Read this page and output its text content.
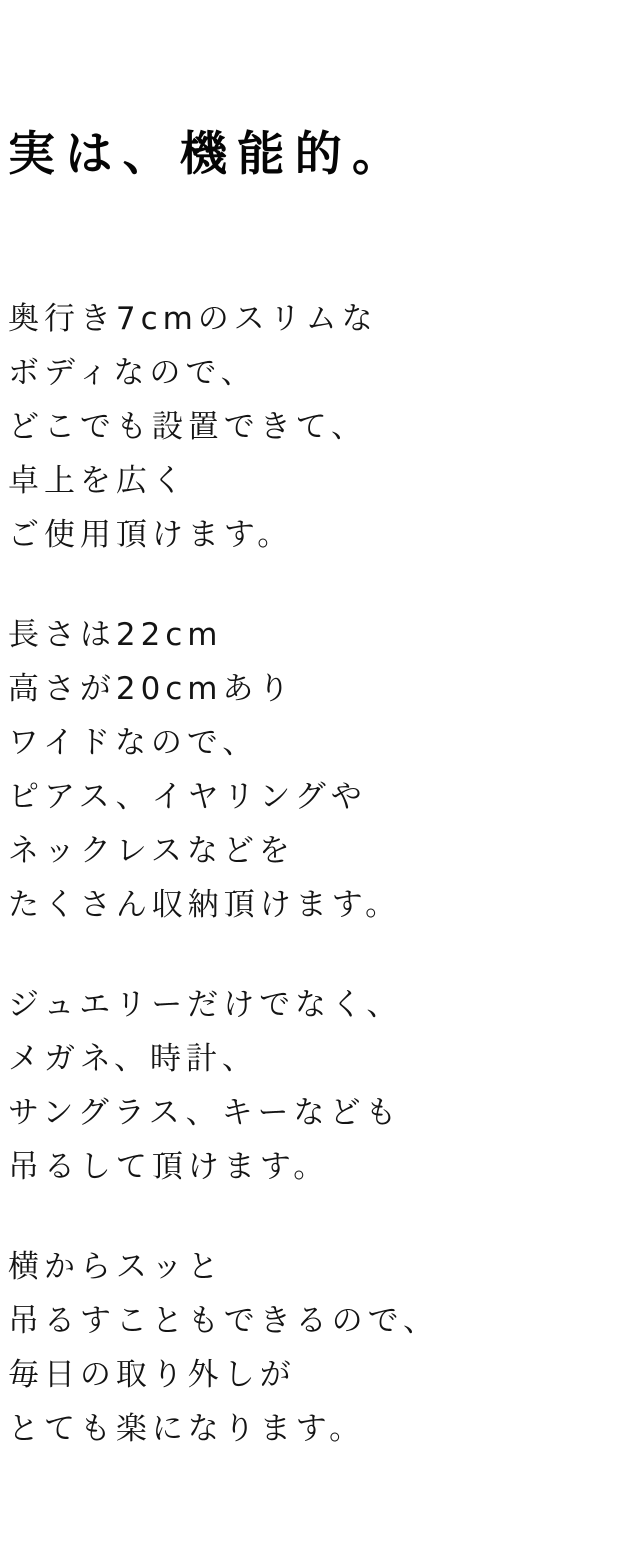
実は、機能的。
奥行き7cmのスリムな
ボディなので、
どこでも設置できて、
卓上を広く
ご使用頂けます。
長さは22cm
高さが20cmあり
ワイドなので、
ピアス、イヤリングや
ネックレスなどを
たくさん収納頂けます。
ジュエリーだけでなく、
メガネ、時計、
サングラス、キーなども
吊るして頂けます。
横からスッと
吊るすこともできるので、
毎日の取り外しが
とても楽になります。
